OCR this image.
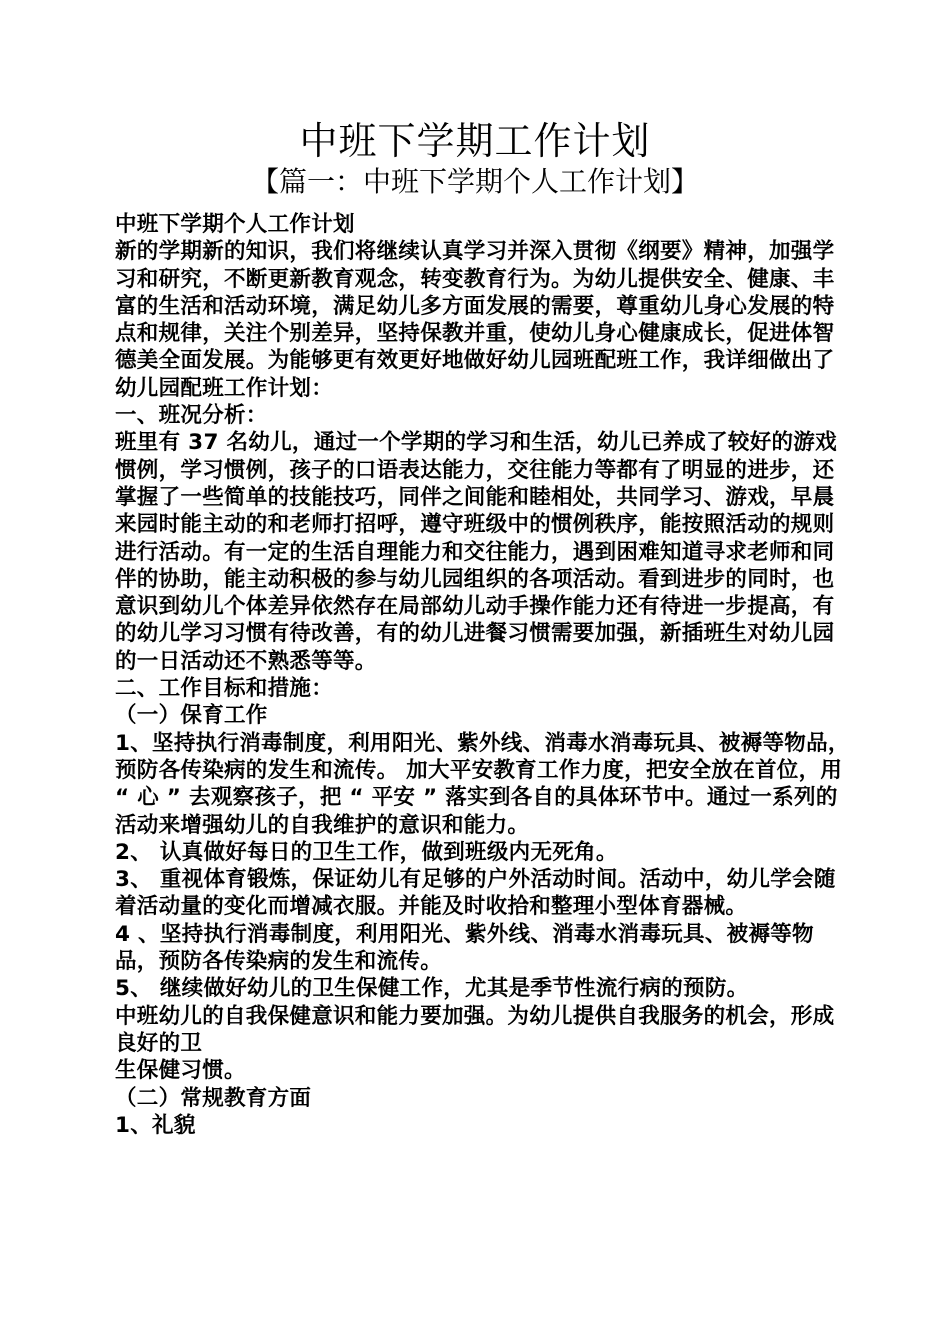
中班下学期工作计划
【篇一：中班下学期个人工作计划】

中班下学期个人工作计划

新的学期新的知识，我们将继续认真学习并深入贯彻《纲要》精神，加强学习和研究，不断更新教育观念，转变教育行为。为幼儿提供安全、健康、丰富的生活和活动环境，满足幼儿多方面发展的需要，尊重幼儿身心发展的特点和规律，关注个别差异，坚持保教并重，使幼儿身心健康成长，促进体智德美全面发展。为能够更有效更好地做好幼儿园班配班工作，我详细做出了幼儿园配班工作计划：

一、班况分析：

班里有 37 名幼儿，通过一个学期的学习和生活，幼儿已养成了较好的游戏惯例，学习惯例，孩子的口语表达能力，交往能力等都有了明显的进步，还掌握了一些简单的技能技巧，同伴之间能和睦相处，共同学习、游戏，早晨来园时能主动的和老师打招呼，遵守班级中的惯例秩序，能按照活动的规则进行活动。有一定的生活自理能力和交往能力，遇到困难知道寻求老师和同伴的协助，能主动积极的参与幼儿园组织的各项活动。看到进步的同时，也意识到幼儿个体差异依然存在局部幼儿动手操作能力还有待进一步提高，有的幼儿学习习惯有待改善，有的幼儿进餐习惯需要加强，新插班生对幼儿园的一日活动还不熟悉等等。

二、工作目标和措施：

（一）保育工作

1、坚持执行消毒制度，利用阳光、紫外线、消毒水消毒玩具、被褥等物品，预防各传染病的发生和流传。 加大平安教育工作力度，把安全放在首位，用 “ 心 ” 去观察孩子，把 “ 平安 ” 落实到各自的具体环节中。通过一系列的活动来增强幼儿的自我维护的意识和能力。

2、 认真做好每日的卫生工作，做到班级内无死角。

3、 重视体育锻炼，保证幼儿有足够的户外活动时间。活动中，幼儿学会随着活动量的变化而增减衣服。并能及时收拾和整理小型体育器械。

4 、坚持执行消毒制度，利用阳光、紫外线、消毒水消毒玩具、被褥等物品，预防各传染病的发生和流传。

5、 继续做好幼儿的卫生保健工作，尤其是季节性流行病的预防。

中班幼儿的自我保健意识和能力要加强。为幼儿提供自我服务的机会，形成良好的卫

生保健习惯。

（二）常规教育方面

1、礼貌
